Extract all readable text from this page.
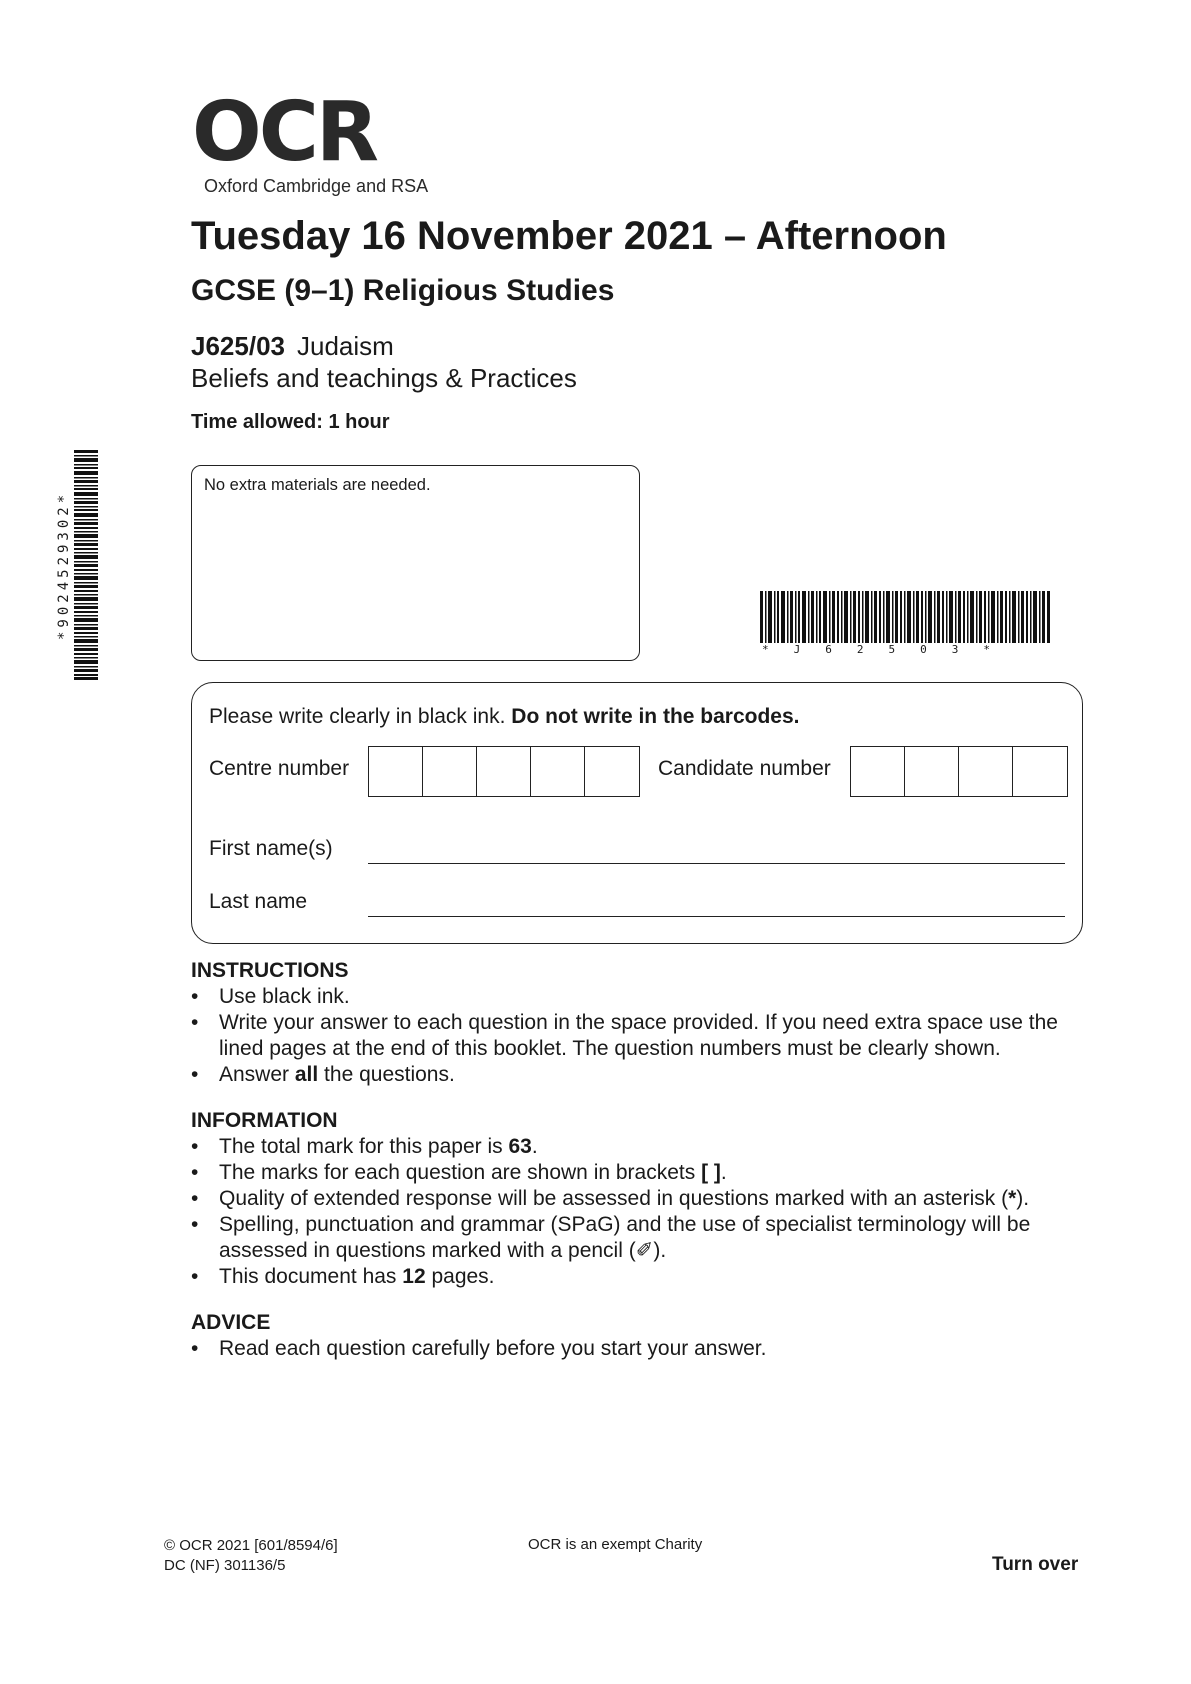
OCR
Oxford Cambridge and RSA
Tuesday 16 November 2021 – Afternoon
GCSE (9–1) Religious Studies
J625/03 Judaism
Beliefs and teachings & Practices
Time allowed: 1 hour
No extra materials are needed.
*9024529302*
*J62503*
Please write clearly in black ink. Do not write in the barcodes.
Centre number	Candidate number
First name(s)
Last name
INSTRUCTIONS
• Use black ink.
• Write your answer to each question in the space provided. If you need extra space use the lined pages at the end of this booklet. The question numbers must be clearly shown.
• Answer all the questions.
INFORMATION
• The total mark for this paper is 63.
• The marks for each question are shown in brackets [ ].
• Quality of extended response will be assessed in questions marked with an asterisk (*).
• Spelling, punctuation and grammar (SPaG) and the use of specialist terminology will be assessed in questions marked with a pencil (✐).
• This document has 12 pages.
ADVICE
• Read each question carefully before you start your answer.
© OCR 2021 [601/8594/6]
DC (NF) 301136/5
OCR is an exempt Charity
Turn over
